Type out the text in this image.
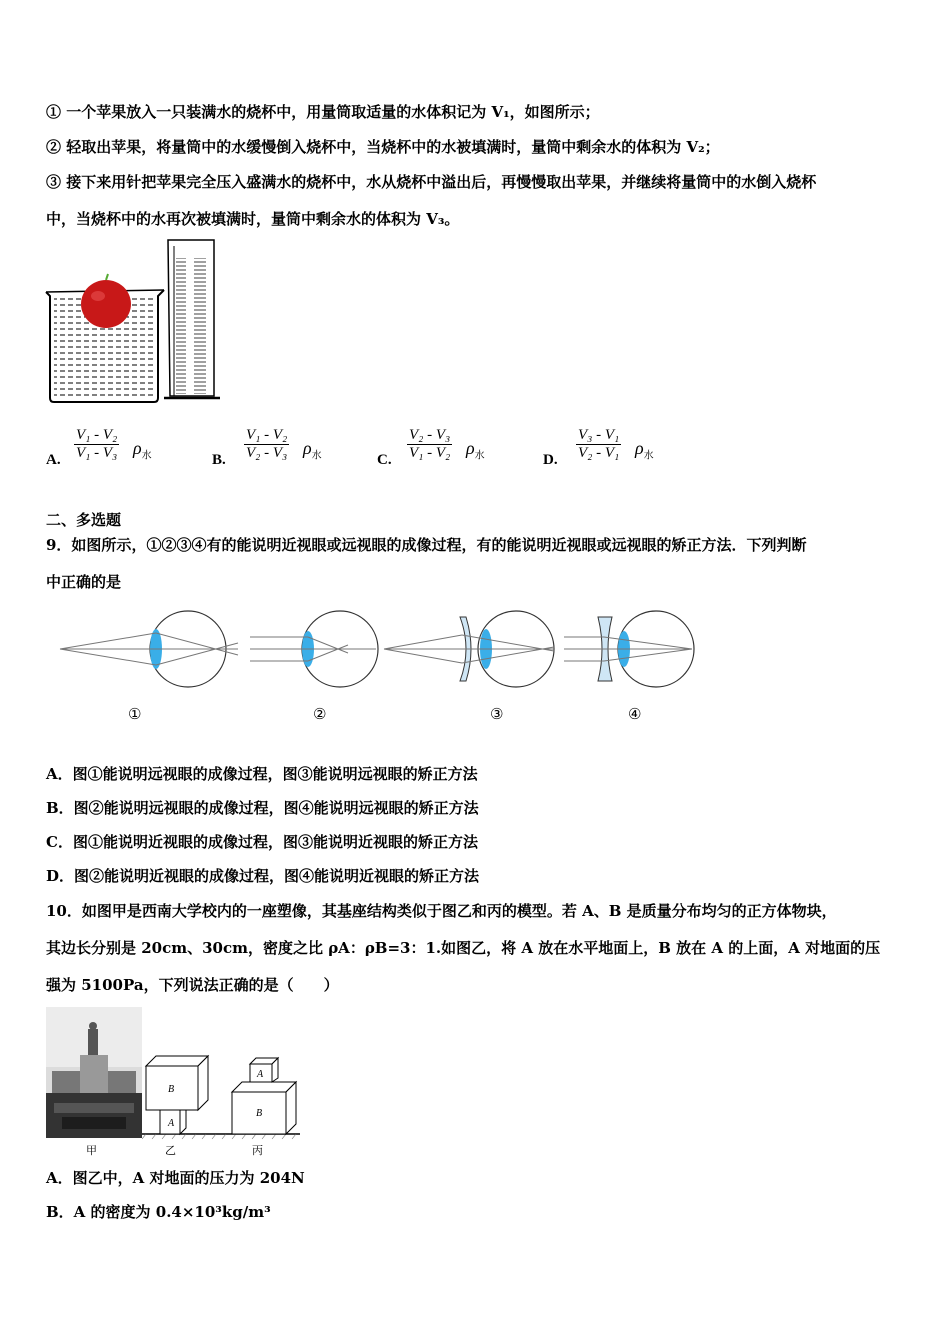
① 一个苹果放入一只装满水的烧杯中，用量筒取适量的水体积记为 V₁，如图所示；
② 轻取出苹果，将量筒中的水缓慢倒入烧杯中，当烧杯中的水被填满时，量筒中剩余水的体积为 V₂；
③ 接下来用针把苹果完全压入盛满水的烧杯中，水从烧杯中溢出后，再慢慢取出苹果，并继续将量筒中的水倒入烧杯
中，当烧杯中的水再次被填满时，量筒中剩余水的体积为 V₃。
A. $\frac{\text{V₁ - V₂}}{\text{V₁ - V₃}} \rho_水$	B. $\frac{\text{V₁ - V₂}}{\text{V₂ - V₃}} \rho_水$	C. $\frac{\text{V₂ - V₃}}{\text{V₁ - V₂}} \rho_水$	D. $\frac{\text{V₃ - V₁}}{\text{V₂ - V₁}} \rho_水$
二、多选题
9．如图所示，①②③④有的能说明近视眼或远视眼的成像过程，有的能说明近视眼或远视眼的矫正方法．下列判断
中正确的是
①	②	③	④
A．图①能说明远视眼的成像过程，图③能说明远视眼的矫正方法
B．图②能说明远视眼的成像过程，图④能说明远视眼的矫正方法
C．图①能说明近视眼的成像过程，图③能说明近视眼的矫正方法
D．图②能说明近视眼的成像过程，图④能说明近视眼的矫正方法
10．如图甲是西南大学校内的一座塑像，其基座结构类似于图乙和丙的模型。若 A、B 是质量分布均匀的正方体物块，
其边长分别是 20cm、30cm，密度之比 ρA：ρB=3：1.如图乙，将 A 放在水平地面上，B 放在 A 的上面，A 对地面的压
强为 5100Pa，下列说法正确的是（　　）
甲
A
B
B
A
乙	丙
A．图乙中，A 对地面的压力为 204N
B．A 的密度为 0.4×10³kg/m³
